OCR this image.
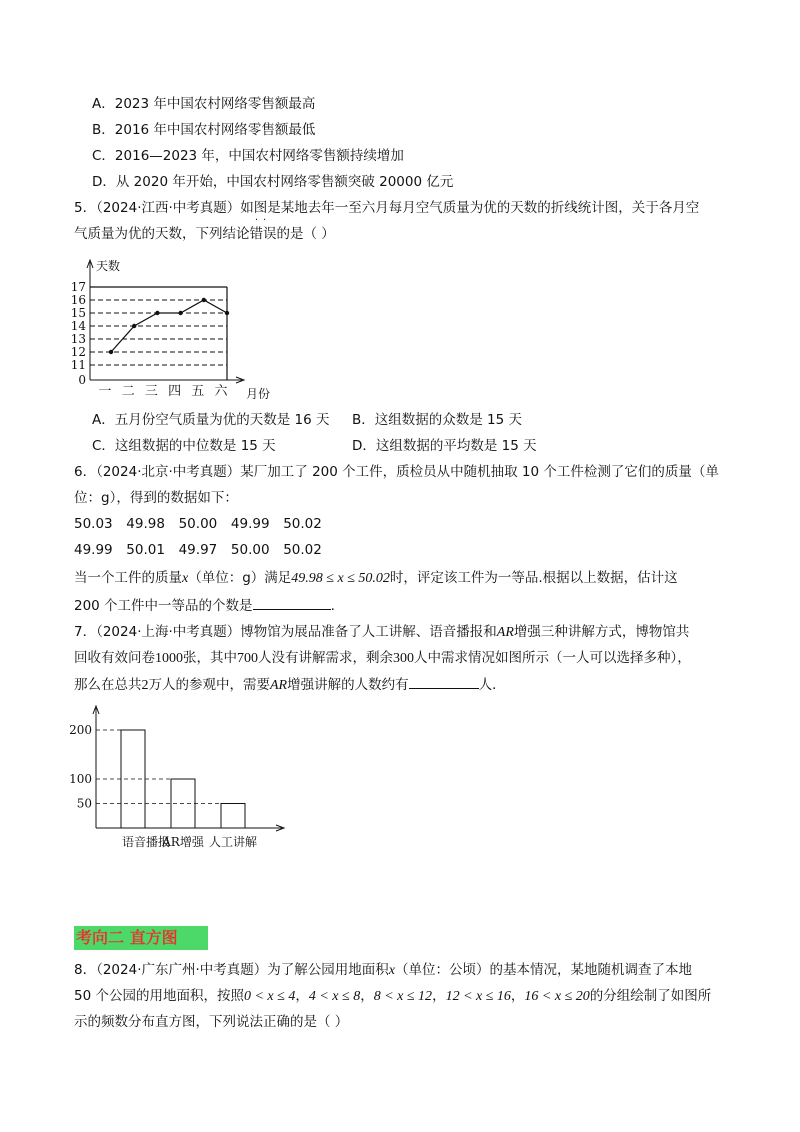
A．2023 年中国农村网络零售额最高
B．2016 年中国农村网络零售额最低
C．2016—2023 年，中国农村网络零售额持续增加
D．从 2020 年开始，中国农村网络零售额突破 20000 亿元
5．（2024·江西·中考真题）如图是某地去年一至六月每月空气质量为优的天数的折线统计图，关于各月空
气质量为优的天数，下列结论
··
错误的是（ ）
0
11
12
13
14
15
16
17
天数
月份
一 二 三 四 五 六
A．五月份空气质量为优的天数是 16 天 B．这组数据的众数是 15 天
C．这组数据的中位数是 15 天	D．这组数据的平均数是 15 天
6．（2024·北京·中考真题）某厂加工了 200 个工件，质检员从中随机抽取 10 个工件检测了它们的质量（单
位：g），得到的数据如下：
50.03 49.98 50.00 49.99 50.02
49.99 50.01 49.97 50.00 50.02
当一个工件的质量x（单位：g）满足49.98 ≤ x ≤ 50.02时，评定该工件为一等品.根据以上数据，估计这
200 个工件中一等品的个数是	.
7．（2024·上海·中考真题）博物馆为展品准备了人工讲解、语音播报和AR增强三种讲解方式，博物馆共
回收有效问卷1000张，其中700人没有讲解需求，剩余300人中需求情况如图所示（一人可以选择多种），
那么在总共2万人的参观中，需要AR增强讲解的人数约有	人．
50
100
200
语音播报
AR增强 人工讲解
考向二 直方图
8．（2024·广东广州·中考真题）为了解公园用地面积x（单位：公顷）的基本情况，某地随机调查了本地
50 个公园的用地面积，按照0 < x ≤ 4，4 < x ≤ 8，8 < x ≤ 12，12 < x ≤ 16，16 < x ≤ 20的分组绘制了如图所
示的频数分布直方图，下列说法正确的是（ ）
